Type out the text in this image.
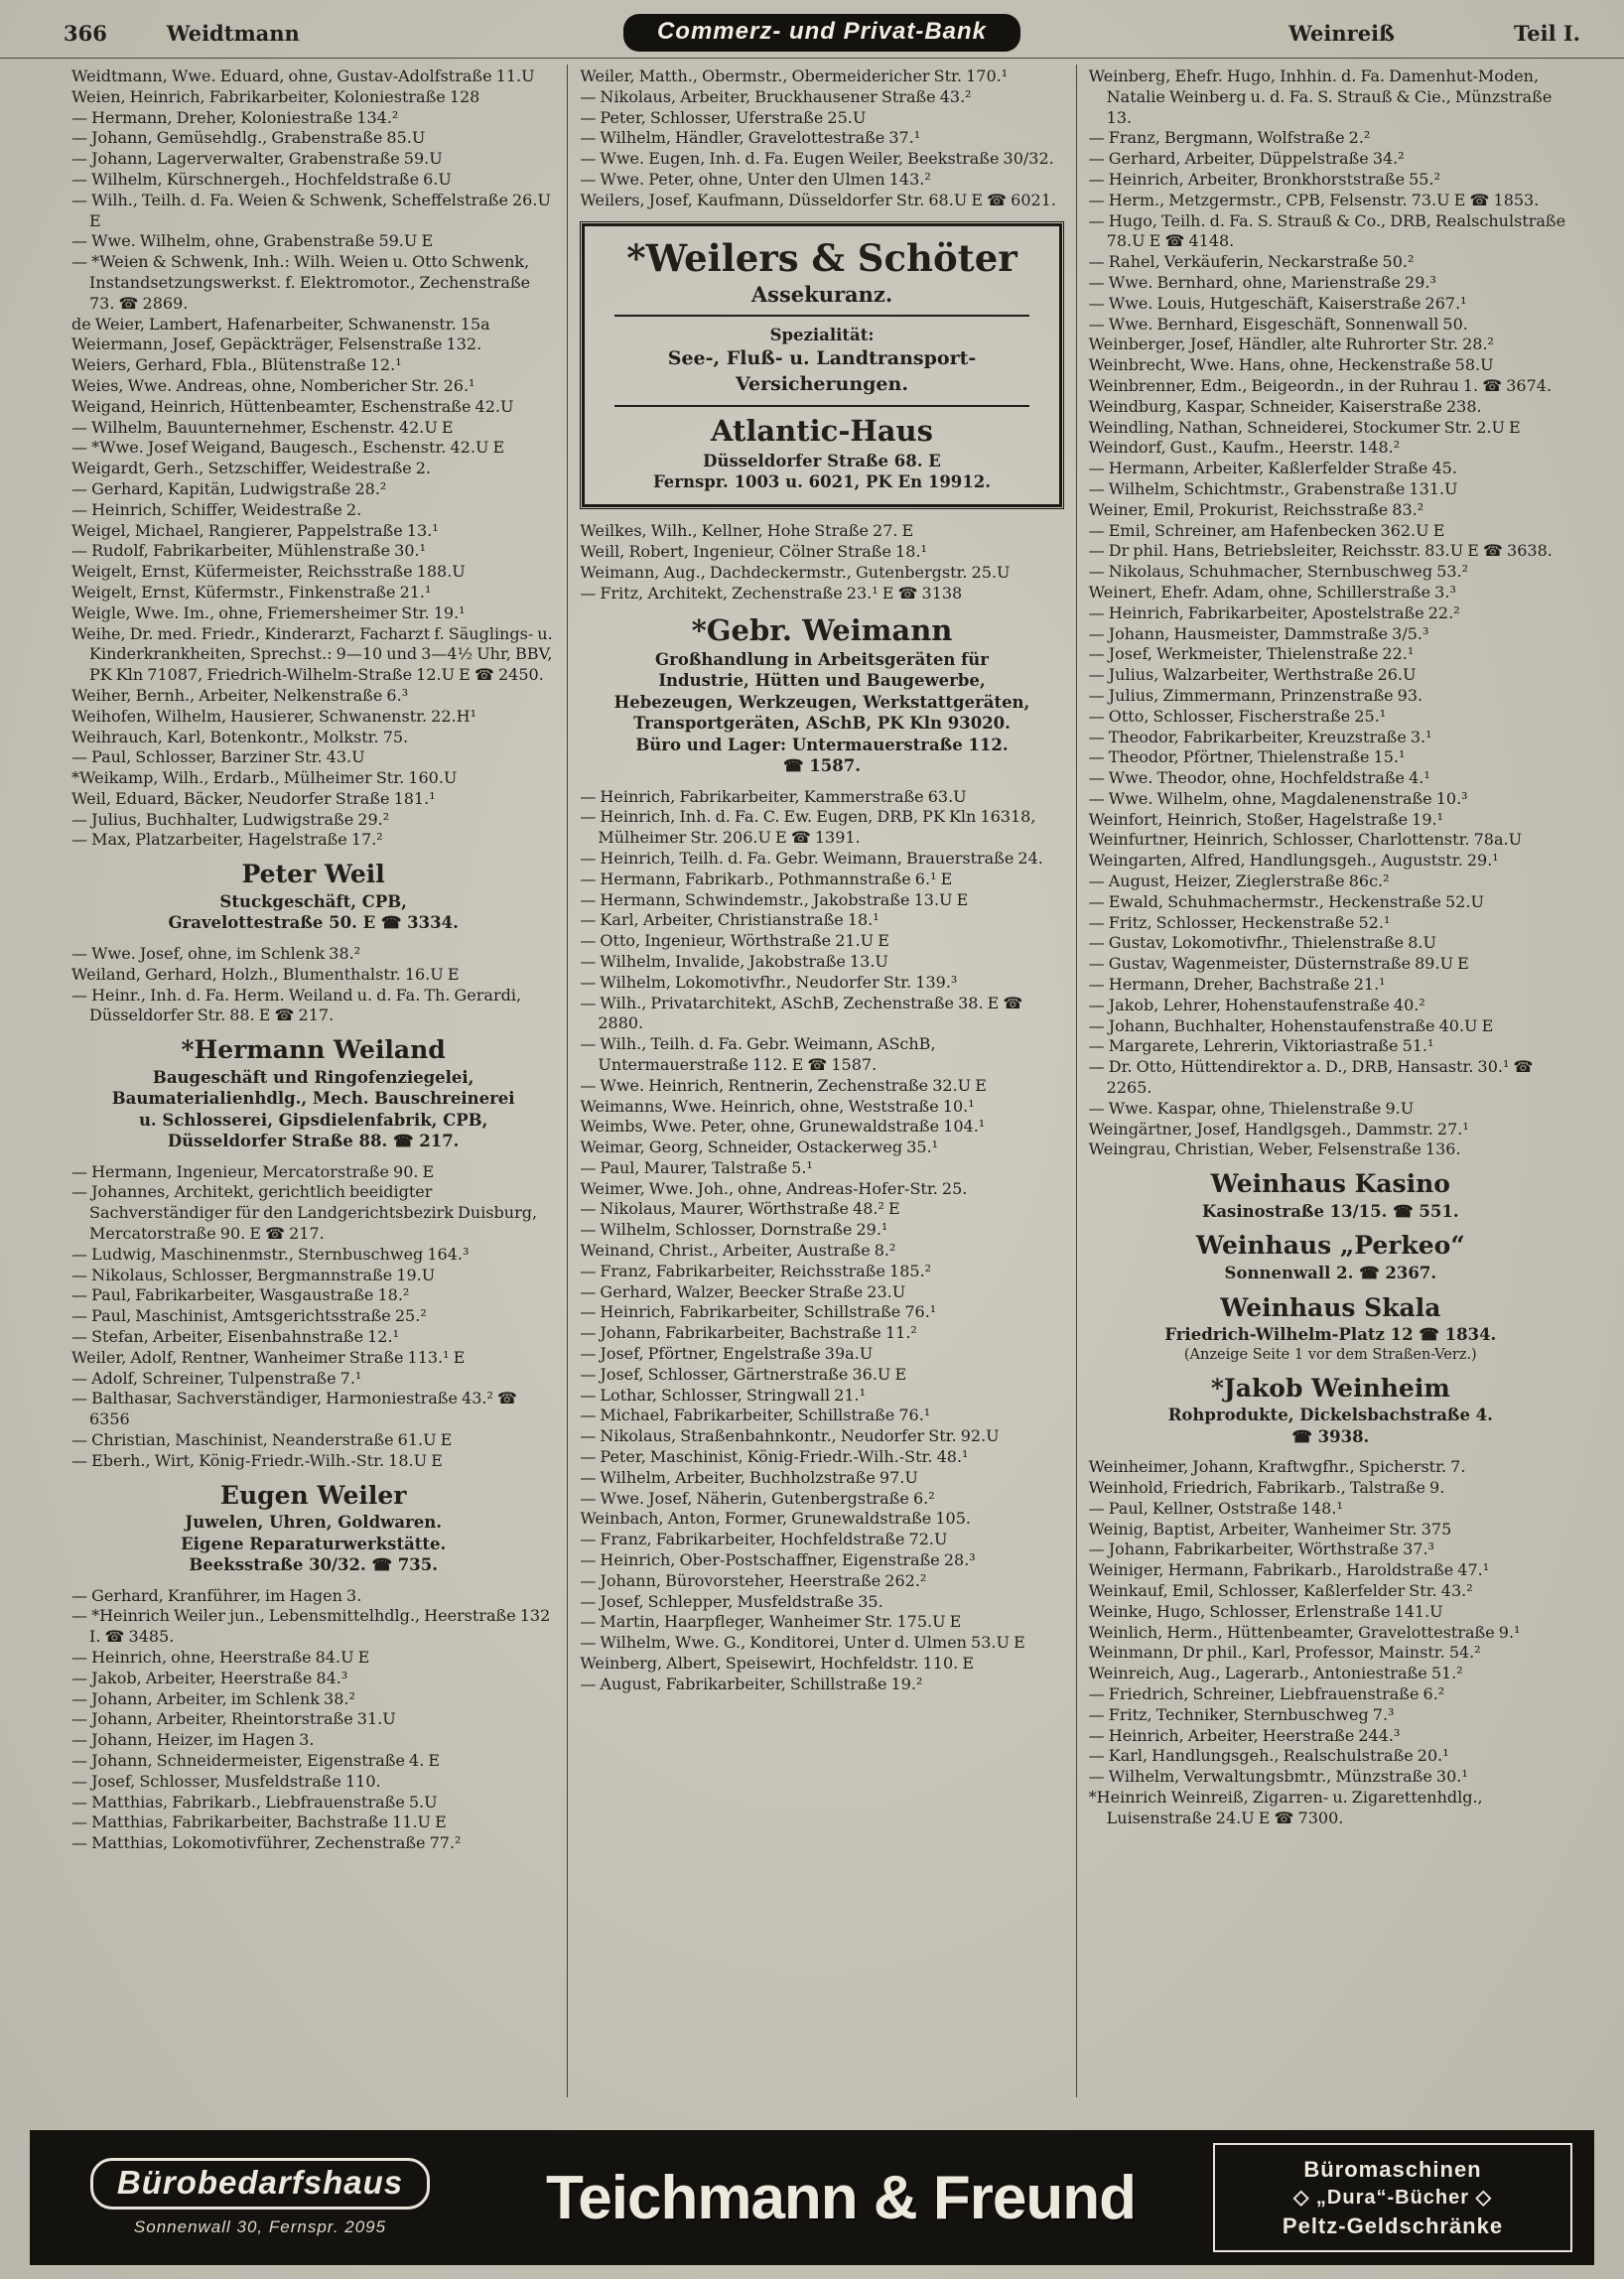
366	Weidtmann	Commerz- und Privat-Bank	Weinreiß	Teil I.

Weidtmann, Wwe. Eduard, ohne, Gustav-Adolfstraße 11.U

Weien, Heinrich, Fabrikarbeiter, Koloniestraße 128

— Hermann, Dreher, Koloniestraße 134.²

— Johann, Gemüsehdlg., Grabenstraße 85.U

— Johann, Lagerverwalter, Grabenstraße 59.U

— Wilhelm, Kürschnergeh., Hochfeldstraße 6.U

— Wilh., Teilh. d. Fa. Weien & Schwenk, Scheffelstraße 26.U E

— Wwe. Wilhelm, ohne, Grabenstraße 59.U E

— *Weien & Schwenk, Inh.: Wilh. Weien u. Otto Schwenk, Instandsetzungswerkst. f. Elektromotor., Zechenstraße 73. ☎ 2869.

de Weier, Lambert, Hafenarbeiter, Schwanenstr. 15a

Weiermann, Josef, Gepäckträger, Felsenstraße 132.

Weiers, Gerhard, Fbla., Blütenstraße 12.¹

Weies, Wwe. Andreas, ohne, Nombericher Str. 26.¹

Weigand, Heinrich, Hüttenbeamter, Eschenstraße 42.U

— Wilhelm, Bauunternehmer, Eschenstr. 42.U E

— *Wwe. Josef Weigand, Baugesch., Eschenstr. 42.U E

Weigardt, Gerh., Setzschiffer, Weidestraße 2.

— Gerhard, Kapitän, Ludwigstraße 28.²

— Heinrich, Schiffer, Weidestraße 2.

Weigel, Michael, Rangierer, Pappelstraße 13.¹

— Rudolf, Fabrikarbeiter, Mühlenstraße 30.¹

Weigelt, Ernst, Küfermeister, Reichsstraße 188.U

Weigelt, Ernst, Küfermstr., Finkenstraße 21.¹

Weigle, Wwe. Im., ohne, Friemersheimer Str. 19.¹

Weihe, Dr. med. Friedr., Kinderarzt, Facharzt f. Säuglings- u. Kinderkrankheiten, Sprechst.: 9—10 und 3—4½ Uhr, BBV, PK Kln 71087, Friedrich-Wilhelm-Straße 12.U E ☎ 2450.

Weiher, Bernh., Arbeiter, Nelkenstraße 6.³

Weihofen, Wilhelm, Hausierer, Schwanenstr. 22.H¹

Weihrauch, Karl, Botenkontr., Molkstr. 75.

— Paul, Schlosser, Barziner Str. 43.U

*Weikamp, Wilh., Erdarb., Mülheimer Str. 160.U

Weil, Eduard, Bäcker, Neudorfer Straße 181.¹

— Julius, Buchhalter, Ludwigstraße 29.²

— Max, Platzarbeiter, Hagelstraße 17.²

Peter Weil
Stuckgeschäft, CPB,
Gravelottestraße 50. E ☎ 3334.

— Wwe. Josef, ohne, im Schlenk 38.²

Weiland, Gerhard, Holzh., Blumenthalstr. 16.U E

— Heinr., Inh. d. Fa. Herm. Weiland u. d. Fa. Th. Gerardi, Düsseldorfer Str. 88. E ☎ 217.

*Hermann Weiland
Baugeschäft und Ringofenziegelei,
Baumaterialienhdlg., Mech. Bauschreinerei
u. Schlosserei, Gipsdielenfabrik, CPB,
Düsseldorfer Straße 88. ☎ 217.

— Hermann, Ingenieur, Mercatorstraße 90. E

— Johannes, Architekt, gerichtlich beeidigter Sachverständiger für den Landgerichtsbezirk Duisburg, Mercatorstraße 90. E ☎ 217.

— Ludwig, Maschinenmstr., Sternbuschweg 164.³

— Nikolaus, Schlosser, Bergmannstraße 19.U

— Paul, Fabrikarbeiter, Wasgaustraße 18.²

— Paul, Maschinist, Amtsgerichtsstraße 25.²

— Stefan, Arbeiter, Eisenbahnstraße 12.¹

Weiler, Adolf, Rentner, Wanheimer Straße 113.¹ E

— Adolf, Schreiner, Tulpenstraße 7.¹

— Balthasar, Sachverständiger, Harmoniestraße 43.² ☎ 6356

— Christian, Maschinist, Neanderstraße 61.U E

— Eberh., Wirt, König-Friedr.-Wilh.-Str. 18.U E

Eugen Weiler
Juwelen, Uhren, Goldwaren.
Eigene Reparaturwerkstätte.
Beeksstraße 30/32. ☎ 735.

— Gerhard, Kranführer, im Hagen 3.

— *Heinrich Weiler jun., Lebensmittelhdlg., Heerstraße 132 I. ☎ 3485.

— Heinrich, ohne, Heerstraße 84.U E

— Jakob, Arbeiter, Heerstraße 84.³

— Johann, Arbeiter, im Schlenk 38.²

— Johann, Arbeiter, Rheintorstraße 31.U

— Johann, Heizer, im Hagen 3.

— Johann, Schneidermeister, Eigenstraße 4. E

— Josef, Schlosser, Musfeldstraße 110.

— Matthias, Fabrikarb., Liebfrauenstraße 5.U

— Matthias, Fabrikarbeiter, Bachstraße 11.U E

— Matthias, Lokomotivführer, Zechenstraße 77.²

Weiler, Matth., Obermstr., Obermeidericher Str. 170.¹

— Nikolaus, Arbeiter, Bruckhausener Straße 43.²

— Peter, Schlosser, Uferstraße 25.U

— Wilhelm, Händler, Gravelottestraße 37.¹

— Wwe. Eugen, Inh. d. Fa. Eugen Weiler, Beekstraße 30/32.

— Wwe. Peter, ohne, Unter den Ulmen 143.²

Weilers, Josef, Kaufmann, Düsseldorfer Str. 68.U E ☎ 6021.

*Weilers & Schöter
Assekuranz.
Spezialität:
See-, Fluß- u. Landtransport-
Versicherungen.
Atlantic-Haus
Düsseldorfer Straße 68. E
Fernspr. 1003 u. 6021, PK En 19912.

Weilkes, Wilh., Kellner, Hohe Straße 27. E

Weill, Robert, Ingenieur, Cölner Straße 18.¹

Weimann, Aug., Dachdeckermstr., Gutenbergstr. 25.U

— Fritz, Architekt, Zechenstraße 23.¹ E ☎ 3138

*Gebr. Weimann
Großhandlung in Arbeitsgeräten für
Industrie, Hütten und Baugewerbe,
Hebezeugen, Werkzeugen, Werkstattgeräten,
Transportgeräten, ASchB, PK Kln 93020.
Büro und Lager: Untermauerstraße 112.
☎ 1587.

— Heinrich, Fabrikarbeiter, Kammerstraße 63.U

— Heinrich, Inh. d. Fa. C. Ew. Eugen, DRB, PK Kln 16318, Mülheimer Str. 206.U E ☎ 1391.

— Heinrich, Teilh. d. Fa. Gebr. Weimann, Brauerstraße 24.

— Hermann, Fabrikarb., Pothmannstraße 6.¹ E

— Hermann, Schwindemstr., Jakobstraße 13.U E

— Karl, Arbeiter, Christianstraße 18.¹

— Otto, Ingenieur, Wörthstraße 21.U E

— Wilhelm, Invalide, Jakobstraße 13.U

— Wilhelm, Lokomotivfhr., Neudorfer Str. 139.³

— Wilh., Privatarchitekt, ASchB, Zechenstraße 38. E ☎ 2880.

— Wilh., Teilh. d. Fa. Gebr. Weimann, ASchB, Untermauerstraße 112. E ☎ 1587.

— Wwe. Heinrich, Rentnerin, Zechenstraße 32.U E

Weimanns, Wwe. Heinrich, ohne, Weststraße 10.¹

Weimbs, Wwe. Peter, ohne, Grunewaldstraße 104.¹

Weimar, Georg, Schneider, Ostackerweg 35.¹

— Paul, Maurer, Talstraße 5.¹

Weimer, Wwe. Joh., ohne, Andreas-Hofer-Str. 25.

— Nikolaus, Maurer, Wörthstraße 48.² E

— Wilhelm, Schlosser, Dornstraße 29.¹

Weinand, Christ., Arbeiter, Austraße 8.²

— Franz, Fabrikarbeiter, Reichsstraße 185.²

— Gerhard, Walzer, Beecker Straße 23.U

— Heinrich, Fabrikarbeiter, Schillstraße 76.¹

— Johann, Fabrikarbeiter, Bachstraße 11.²

— Josef, Pförtner, Engelstraße 39a.U

— Josef, Schlosser, Gärtnerstraße 36.U E

— Lothar, Schlosser, Stringwall 21.¹

— Michael, Fabrikarbeiter, Schillstraße 76.¹

— Nikolaus, Straßenbahnkontr., Neudorfer Str. 92.U

— Peter, Maschinist, König-Friedr.-Wilh.-Str. 48.¹

— Wilhelm, Arbeiter, Buchholzstraße 97.U

— Wwe. Josef, Näherin, Gutenbergstraße 6.²

Weinbach, Anton, Former, Grunewaldstraße 105.

— Franz, Fabrikarbeiter, Hochfeldstraße 72.U

— Heinrich, Ober-Postschaffner, Eigenstraße 28.³

— Johann, Bürovorsteher, Heerstraße 262.²

— Josef, Schlepper, Musfeldstraße 35.

— Martin, Haarpfleger, Wanheimer Str. 175.U E

— Wilhelm, Wwe. G., Konditorei, Unter d. Ulmen 53.U E

Weinberg, Albert, Speisewirt, Hochfeldstr. 110. E

— August, Fabrikarbeiter, Schillstraße 19.²

Weinberg, Ehefr. Hugo, Inhhin. d. Fa. Damenhut-Moden, Natalie Weinberg u. d. Fa. S. Strauß & Cie., Münzstraße 13.

— Franz, Bergmann, Wolfstraße 2.²

— Gerhard, Arbeiter, Düppelstraße 34.²

— Heinrich, Arbeiter, Bronkhorststraße 55.²

— Herm., Metzgermstr., CPB, Felsenstr. 73.U E ☎ 1853.

— Hugo, Teilh. d. Fa. S. Strauß & Co., DRB, Realschulstraße 78.U E ☎ 4148.

— Rahel, Verkäuferin, Neckarstraße 50.²

— Wwe. Bernhard, ohne, Marienstraße 29.³

— Wwe. Louis, Hutgeschäft, Kaiserstraße 267.¹

— Wwe. Bernhard, Eisgeschäft, Sonnenwall 50.

Weinberger, Josef, Händler, alte Ruhrorter Str. 28.²

Weinbrecht, Wwe. Hans, ohne, Heckenstraße 58.U

Weinbrenner, Edm., Beigeordn., in der Ruhrau 1. ☎ 3674.

Weindburg, Kaspar, Schneider, Kaiserstraße 238.

Weindling, Nathan, Schneiderei, Stockumer Str. 2.U E

Weindorf, Gust., Kaufm., Heerstr. 148.²

— Hermann, Arbeiter, Kaßlerfelder Straße 45.

— Wilhelm, Schichtmstr., Grabenstraße 131.U

Weiner, Emil, Prokurist, Reichsstraße 83.²

— Emil, Schreiner, am Hafenbecken 362.U E

— Dr phil. Hans, Betriebsleiter, Reichsstr. 83.U E ☎ 3638.

— Nikolaus, Schuhmacher, Sternbuschweg 53.²

Weinert, Ehefr. Adam, ohne, Schillerstraße 3.³

— Heinrich, Fabrikarbeiter, Apostelstraße 22.²

— Johann, Hausmeister, Dammstraße 3/5.³

— Josef, Werkmeister, Thielenstraße 22.¹

— Julius, Walzarbeiter, Werthstraße 26.U

— Julius, Zimmermann, Prinzenstraße 93.

— Otto, Schlosser, Fischerstraße 25.¹

— Theodor, Fabrikarbeiter, Kreuzstraße 3.¹

— Theodor, Pförtner, Thielenstraße 15.¹

— Wwe. Theodor, ohne, Hochfeldstraße 4.¹

— Wwe. Wilhelm, ohne, Magdalenenstraße 10.³

Weinfort, Heinrich, Stoßer, Hagelstraße 19.¹

Weinfurtner, Heinrich, Schlosser, Charlottenstr. 78a.U

Weingarten, Alfred, Handlungsgeh., Auguststr. 29.¹

— August, Heizer, Zieglerstraße 86c.²

— Ewald, Schuhmachermstr., Heckenstraße 52.U

— Fritz, Schlosser, Heckenstraße 52.¹

— Gustav, Lokomotivfhr., Thielenstraße 8.U

— Gustav, Wagenmeister, Düsternstraße 89.U E

— Hermann, Dreher, Bachstraße 21.¹

— Jakob, Lehrer, Hohenstaufenstraße 40.²

— Johann, Buchhalter, Hohenstaufenstraße 40.U E

— Margarete, Lehrerin, Viktoriastraße 51.¹

— Dr. Otto, Hüttendirektor a. D., DRB, Hansastr. 30.¹ ☎ 2265.

— Wwe. Kaspar, ohne, Thielenstraße 9.U

Weingärtner, Josef, Handlgsgeh., Dammstr. 27.¹

Weingrau, Christian, Weber, Felsenstraße 136.

Weinhaus Kasino
Kasinostraße 13/15. ☎ 551.
Weinhaus „Perkeo“
Sonnenwall 2. ☎ 2367.
Weinhaus Skala
Friedrich-Wilhelm-Platz 12 ☎ 1834.
(Anzeige Seite 1 vor dem Straßen-Verz.)
*Jakob Weinheim
Rohprodukte, Dickelsbachstraße 4.
☎ 3938.

Weinheimer, Johann, Kraftwgfhr., Spicherstr. 7.

Weinhold, Friedrich, Fabrikarb., Talstraße 9.

— Paul, Kellner, Oststraße 148.¹

Weinig, Baptist, Arbeiter, Wanheimer Str. 375

— Johann, Fabrikarbeiter, Wörthstraße 37.³

Weiniger, Hermann, Fabrikarb., Haroldstraße 47.¹

Weinkauf, Emil, Schlosser, Kaßlerfelder Str. 43.²

Weinke, Hugo, Schlosser, Erlenstraße 141.U

Weinlich, Herm., Hüttenbeamter, Gravelottestraße 9.¹

Weinmann, Dr phil., Karl, Professor, Mainstr. 54.²

Weinreich, Aug., Lagerarb., Antoniestraße 51.²

— Friedrich, Schreiner, Liebfrauenstraße 6.²

— Fritz, Techniker, Sternbuschweg 7.³

— Heinrich, Arbeiter, Heerstraße 244.³

— Karl, Handlungsgeh., Realschulstraße 20.¹

— Wilhelm, Verwaltungsbmtr., Münzstraße 30.¹

*Heinrich Weinreiß, Zigarren- u. Zigarettenhdlg., Luisenstraße 24.U E ☎ 7300.

Bürobedarfshaus
Sonnenwall 30, Fernspr. 2095	Teichmann & Freund	Büromaschinen
◇ „Dura“-Bücher ◇
Peltz-Geldschränke
